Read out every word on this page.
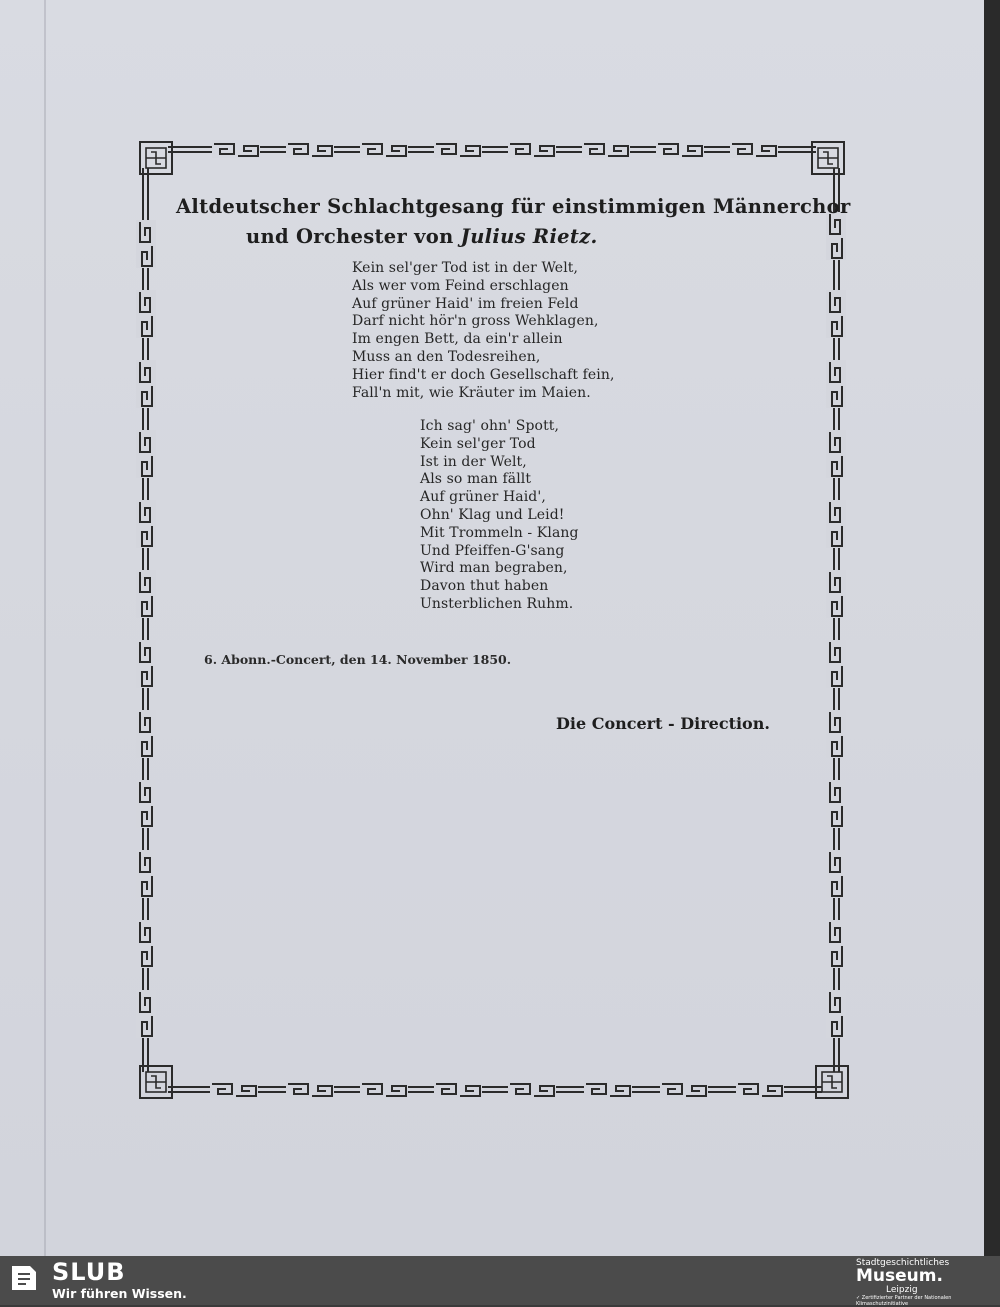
Altdeutscher Schlachtgesang für einstimmigen Männerchor
und Orchester von Julius Rietz.
Kein sel'ger Tod ist in der Welt,
Als wer vom Feind erschlagen
Auf grüner Haid' im freien Feld
Darf nicht hör'n gross Wehklagen,
Im engen Bett, da ein'r allein
Muss an den Todesreihen,
Hier find't er doch Gesellschaft fein,
Fall'n mit, wie Kräuter im Maien.
Ich sag' ohn' Spott,
Kein sel'ger Tod
Ist in der Welt,
Als so man fällt
Auf grüner Haid',
Ohn' Klag und Leid!
Mit Trommeln - Klang
Und Pfeiffen-G'sang
Wird man begraben,
Davon thut haben
Unsterblichen Ruhm.
6. Abonn.-Concert, den 14. November 1850.
Die Concert - Direction.
SLUB
Wir führen Wissen.
Stadtgeschichtliches
Museum.
Leipzig
✓ Zertifizierter Partner der Nationalen Klimaschutzinitiative
